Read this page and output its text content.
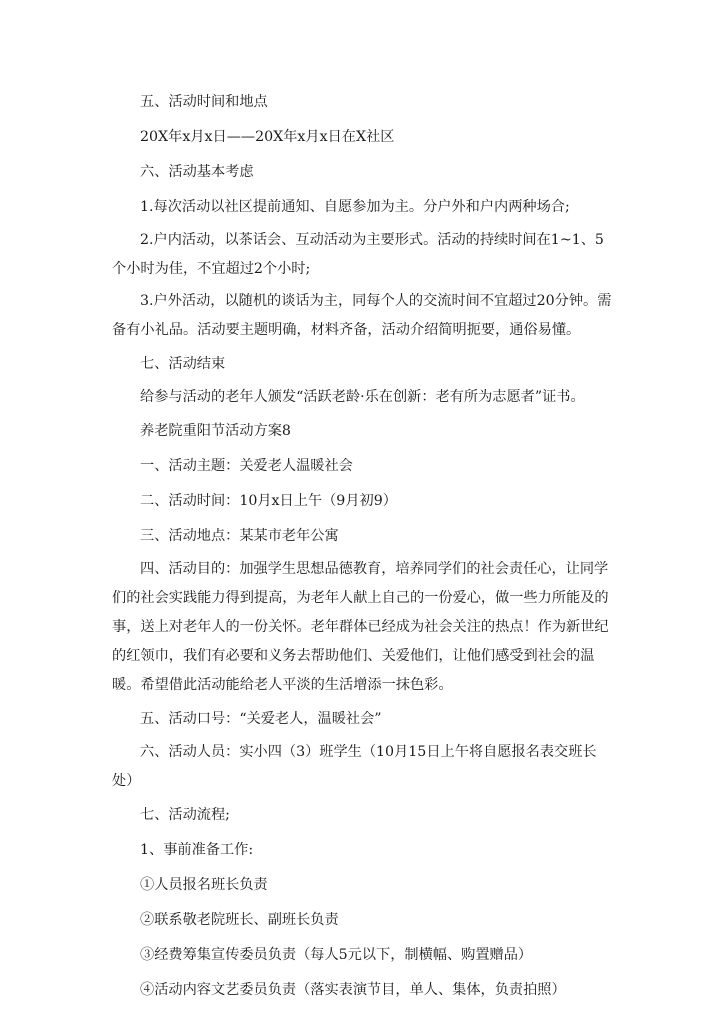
五、活动时间和地点

20X年x月x日——20X年x月x日在X社区

六、活动基本考虑

1.每次活动以社区提前通知、自愿参加为主。分户外和户内两种场合;

2.户内活动，以茶话会、互动活动为主要形式。活动的持续时间在1~1、5个小时为佳，不宜超过2个小时;

3.户外活动，以随机的谈话为主，同每个人的交流时间不宜超过20分钟。需备有小礼品。活动要主题明确，材料齐备，活动介绍简明扼要，通俗易懂。

七、活动结束

给参与活动的老年人颁发“活跃老龄·乐在创新：老有所为志愿者”证书。

养老院重阳节活动方案8

一、活动主题：关爱老人温暖社会

二、活动时间：10月x日上午（9月初9）

三、活动地点：某某市老年公寓

四、活动目的：加强学生思想品德教育，培养同学们的社会责任心，让同学们的社会实践能力得到提高，为老年人献上自己的一份爱心，做一些力所能及的事，送上对老年人的一份关怀。老年群体已经成为社会关注的热点！作为新世纪的红领巾，我们有必要和义务去帮助他们、关爱他们，让他们感受到社会的温暖。希望借此活动能给老人平淡的生活增添一抹色彩。

五、活动口号：“关爱老人，温暖社会”

六、活动人员：实小四（3）班学生（10月15日上午将自愿报名表交班长处）

七、活动流程;

1、事前准备工作:

①人员报名班长负责

②联系敬老院班长、副班长负责

③经费筹集宣传委员负责（每人5元以下，制横幅、购置赠品）

④活动内容文艺委员负责（落实表演节目，单人、集体，负责拍照）
